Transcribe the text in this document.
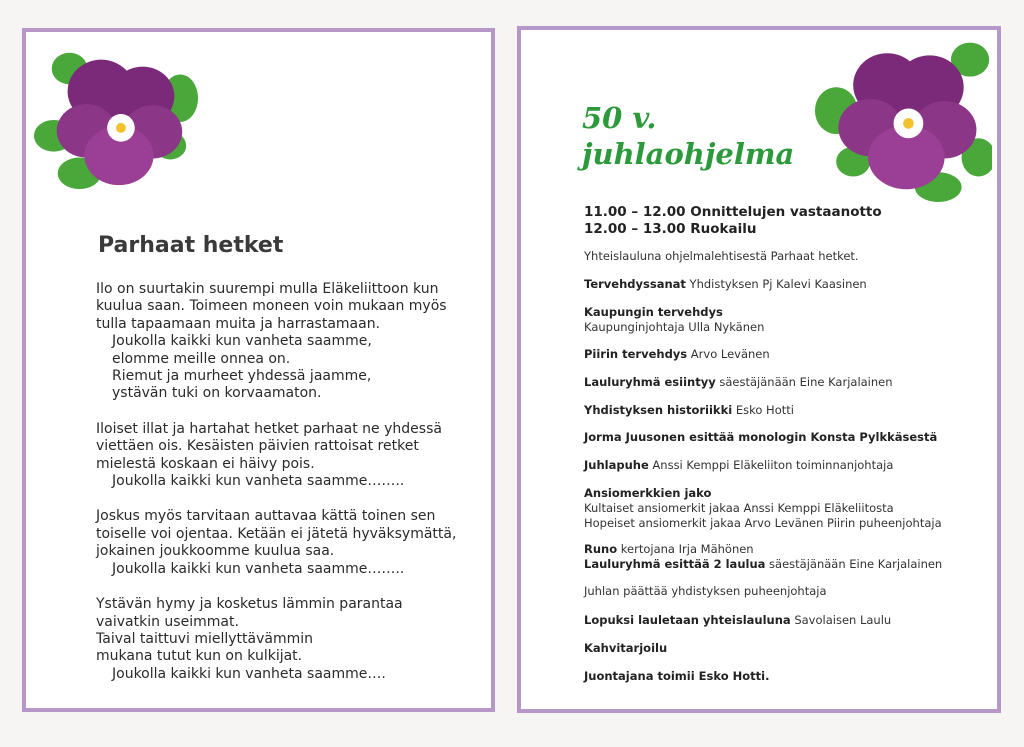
Parhaat hetket
Ilo on suurtakin suurempi mulla Eläkeliittoon kun
kuulua saan. Toimeen moneen voin mukaan myös
tulla tapaamaan muita ja harrastamaan.
Joukolla kaikki kun vanheta saamme,
elomme meille onnea on.
Riemut ja murheet yhdessä jaamme,
ystävän tuki on korvaamaton.
Iloiset illat ja hartahat hetket parhaat ne yhdessä
viettäen ois. Kesäisten päivien rattoisat retket
mielestä koskaan ei häivy pois.
Joukolla kaikki kun vanheta saamme……..
Joskus myös tarvitaan auttavaa kättä toinen sen
toiselle voi ojentaa. Ketään ei jätetä hyväksymättä,
jokainen joukkoomme kuulua saa.
Joukolla kaikki kun vanheta saamme……..
Ystävän hymy ja kosketus lämmin parantaa
vaivatkin useimmat.
Taival taittuvi miellyttävämmin
mukana tutut kun on kulkijat.
Joukolla kaikki kun vanheta saamme….
50 v.
juhlaohjelma
11.00 – 12.00 Onnittelujen vastaanotto
12.00 – 13.00 Ruokailu
Yhteislauluna ohjelmalehtisestä Parhaat hetket.
Tervehdyssanat Yhdistyksen Pj Kalevi Kaasinen
Kaupungin tervehdys
Kaupunginjohtaja Ulla Nykänen
Piirin tervehdys Arvo Levänen
Lauluryhmä esiintyy säestäjänään Eine Karjalainen
Yhdistyksen historiikki Esko Hotti
Jorma Juusonen esittää monologin Konsta Pylkkäsestä
Juhlapuhe Anssi Kemppi Eläkeliiton toiminnanjohtaja
Ansiomerkkien jako
Kultaiset ansiomerkit jakaa Anssi Kemppi Eläkeliitosta
Hopeiset ansiomerkit jakaa Arvo Levänen Piirin puheenjohtaja
Runo kertojana Irja Mähönen
Lauluryhmä esittää 2 laulua säestäjänään Eine Karjalainen
Juhlan päättää yhdistyksen puheenjohtaja
Lopuksi lauletaan yhteislauluna Savolaisen Laulu
Kahvitarjoilu
Juontajana toimii Esko Hotti.
